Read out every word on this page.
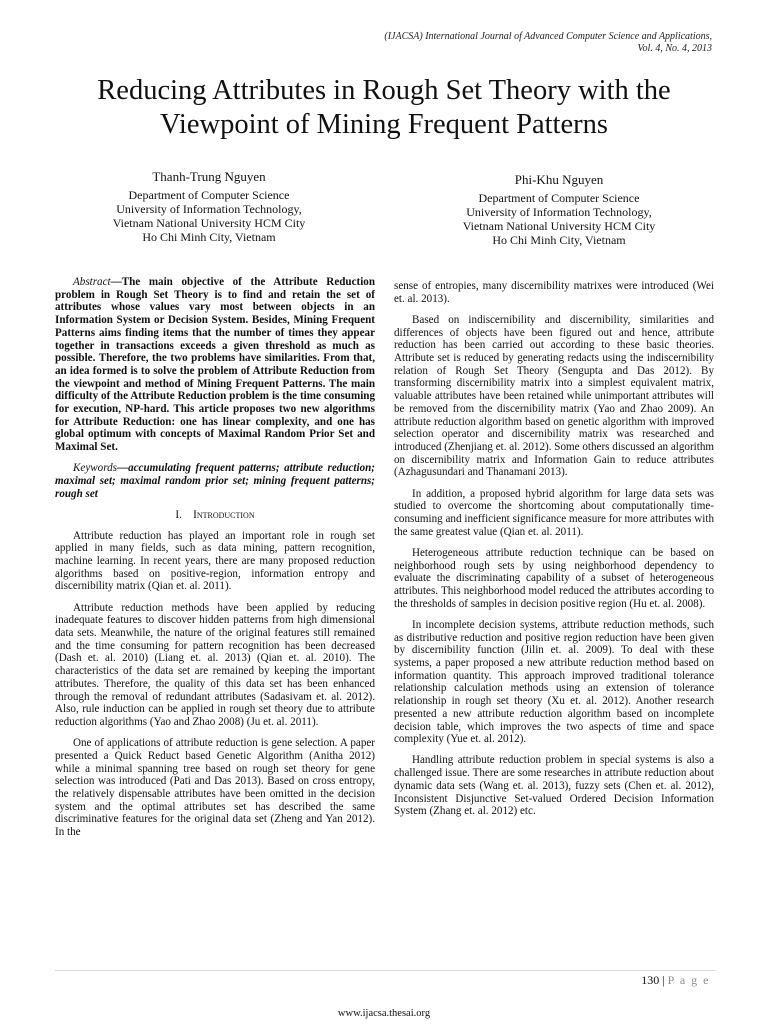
(IJACSA) International Journal of Advanced Computer Science and Applications,
Vol. 4, No. 4, 2013
Reducing Attributes in Rough Set Theory with the
Viewpoint of Mining Frequent Patterns
Thanh-Trung Nguyen
Department of Computer Science
University of Information Technology,
Vietnam National University HCM City
Ho Chi Minh City, Vietnam
Phi-Khu Nguyen
Department of Computer Science
University of Information Technology,
Vietnam National University HCM City
Ho Chi Minh City, Vietnam

Abstract—The main objective of the Attribute Reduction problem in Rough Set Theory is to find and retain the set of attributes whose values vary most between objects in an Information System or Decision System. Besides, Mining Frequent Patterns aims finding items that the number of times they appear together in transactions exceeds a given threshold as much as possible. Therefore, the two problems have similarities. From that, an idea formed is to solve the problem of Attribute Reduction from the viewpoint and method of Mining Frequent Patterns. The main difficulty of the Attribute Reduction problem is the time consuming for execution, NP-hard. This article proposes two new algorithms for Attribute Reduction: one has linear complexity, and one has global optimum with concepts of Maximal Random Prior Set and Maximal Set.

Keywords—accumulating frequent patterns; attribute reduction; maximal set; maximal random prior set; mining frequent patterns; rough set

I. Introduction

Attribute reduction has played an important role in rough set applied in many fields, such as data mining, pattern recognition, machine learning. In recent years, there are many proposed reduction algorithms based on positive-region, information entropy and discernibility matrix (Qian et. al. 2011).

Attribute reduction methods have been applied by reducing inadequate features to discover hidden patterns from high dimensional data sets. Meanwhile, the nature of the original features still remained and the time consuming for pattern recognition has been decreased (Dash et. al. 2010) (Liang et. al. 2013) (Qian et. al. 2010). The characteristics of the data set are remained by keeping the important attributes. Therefore, the quality of this data set has been enhanced through the removal of redundant attributes (Sadasivam et. al. 2012). Also, rule induction can be applied in rough set theory due to attribute reduction algorithms (Yao and Zhao 2008) (Ju et. al. 2011).

One of applications of attribute reduction is gene selection. A paper presented a Quick Reduct based Genetic Algorithm (Anitha 2012) while a minimal spanning tree based on rough set theory for gene selection was introduced (Pati and Das 2013). Based on cross entropy, the relatively dispensable attributes have been omitted in the decision system and the optimal attributes set has described the same discriminative features for the original data set (Zheng and Yan 2012). In the

sense of entropies, many discernibility matrixes were introduced (Wei et. al. 2013).

Based on indiscernibility and discernibility, similarities and differences of objects have been figured out and hence, attribute reduction has been carried out according to these basic theories. Attribute set is reduced by generating redacts using the indiscernibility relation of Rough Set Theory (Sengupta and Das 2012). By transforming discernibility matrix into a simplest equivalent matrix, valuable attributes have been retained while unimportant attributes will be removed from the discernibility matrix (Yao and Zhao 2009). An attribute reduction algorithm based on genetic algorithm with improved selection operator and discernibility matrix was researched and introduced (Zhenjiang et. al. 2012). Some others discussed an algorithm on discernibility matrix and Information Gain to reduce attributes (Azhagusundari and Thanamani 2013).

In addition, a proposed hybrid algorithm for large data sets was studied to overcome the shortcoming about computationally time-consuming and inefficient significance measure for more attributes with the same greatest value (Qian et. al. 2011).

Heterogeneous attribute reduction technique can be based on neighborhood rough sets by using neighborhood dependency to evaluate the discriminating capability of a subset of heterogeneous attributes. This neighborhood model reduced the attributes according to the thresholds of samples in decision positive region (Hu et. al. 2008).

In incomplete decision systems, attribute reduction methods, such as distributive reduction and positive region reduction have been given by discernibility function (Jilin et. al. 2009). To deal with these systems, a paper proposed a new attribute reduction method based on information quantity. This approach improved traditional tolerance relationship calculation methods using an extension of tolerance relationship in rough set theory (Xu et. al. 2012). Another research presented a new attribute reduction algorithm based on incomplete decision table, which improves the two aspects of time and space complexity (Yue et. al. 2012).

Handling attribute reduction problem in special systems is also a challenged issue. There are some researches in attribute reduction about dynamic data sets (Wang et. al. 2013), fuzzy sets (Chen et. al. 2012), Inconsistent Disjunctive Set-valued Ordered Decision Information System (Zhang et. al. 2012) etc.

130 | P a g e
www.ijacsa.thesai.org
